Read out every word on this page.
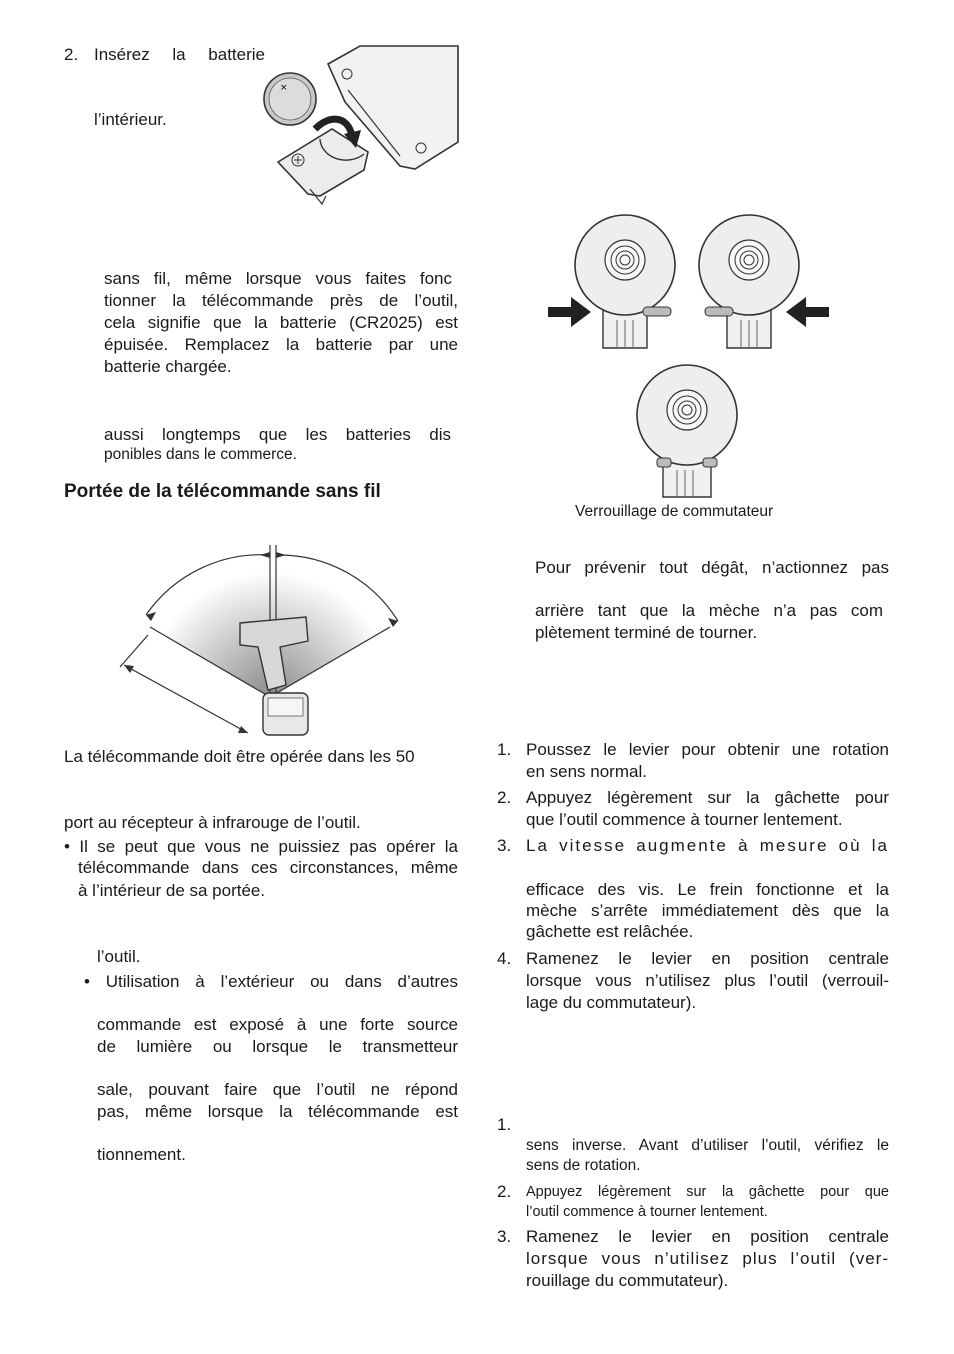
2. Insérez la batterie
l’intérieur.
×
sans fil, même lorsque vous faites fonc
tionner la télécommande près de l’outil,
cela signifie que la batterie (CR2025) est
épuisée. Remplacez la batterie par une
batterie chargée.
aussi longtemps que les batteries dis
ponibles dans le commerce.
Portée de la télécommande sans fil
La télécommande doit être opérée dans les 50
port au récepteur à infrarouge de l’outil.
• Il se peut que vous ne puissiez pas opérer la
télécommande dans ces circonstances, même
à l’intérieur de sa portée.
l’outil.
• Utilisation à l’extérieur ou dans d’autres
commande est exposé à une forte source
de lumière ou lorsque le transmetteur
sale, pouvant faire que l’outil ne répond
pas, même lorsque la télécommande est
tionnement.
Verrouillage de commutateur
Pour prévenir tout dégât, n’actionnez pas
arrière tant que la mèche n’a pas com
plètement terminé de tourner.
1. Poussez le levier pour obtenir une rotation
en sens normal.
2. Appuyez légèrement sur la gâchette pour
que l’outil commence à tourner lentement.
3. La vitesse augmente à mesure où la
efficace des vis. Le frein fonctionne et la
mèche s’arrête immédiatement dès que la
gâchette est relâchée.
4. Ramenez le levier en position centrale
lorsque vous n’utilisez plus l’outil (verrouil-
lage du commutateur).
1.
sens inverse. Avant d’utiliser l’outil, vérifiez le
sens de rotation.
2. Appuyez légèrement sur la gâchette pour que
l’outil commence à tourner lentement.
3. Ramenez le levier en position centrale
lorsque vous n’utilisez plus l’outil (ver-
rouillage du commutateur).
